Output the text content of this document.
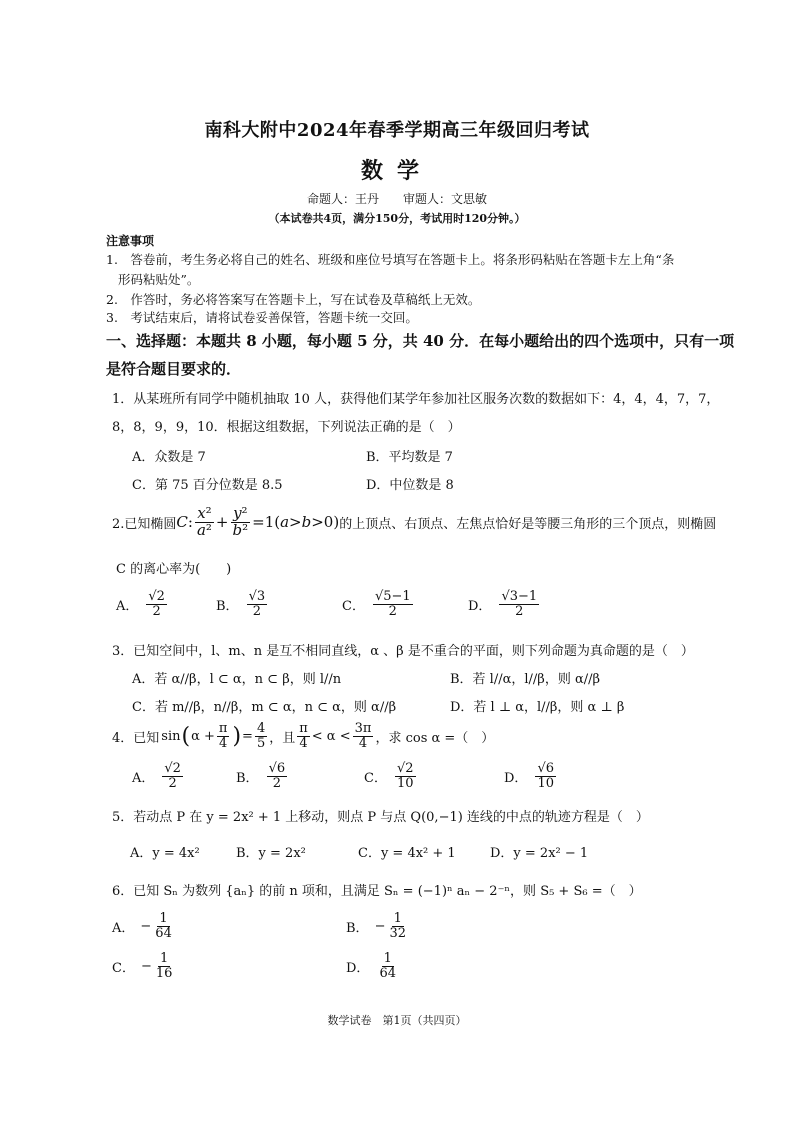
南科大附中2024年春季学期高三年级回归考试
数学
命题人：王丹　　审题人：文思敏
（本试卷共4页，满分150分，考试用时120分钟。）
注意事项
1.　答卷前，考生务必将自己的姓名、班级和座位号填写在答题卡上。将条形码粘贴在答题卡左上角“条
形码粘贴处”。
2.　作答时，务必将答案写在答题卡上，写在试卷及草稿纸上无效。
3.　考试结束后，请将试卷妥善保管，答题卡统一交回。
一、选择题：本题共 8 小题，每小题 5 分，共 40 分．在每小题给出的四个选项中，只有一项
是符合题目要求的．
1．从某班所有同学中随机抽取 10 人，获得他们某学年参加社区服务次数的数据如下：4，4，4，7，7，
8，8，9，9，10．根据这组数据，下列说法正确的是（　）
A．众数是 7	B．平均数是 7
C．第 75 百分位数是 8.5	D．中位数是 8
2.已知椭圆 C : $\frac{\text{x²}}{\text{a²}} + \frac{\text{y²}}{\text{b²}} =1$( a > b >0) 的上顶点、右顶点、左焦点恰好是等腰三角形的三个顶点，则椭圆
C 的离心率为(　　)
A． $\frac{√2}{2}$	B． $\frac{√3}{2}$	C． $\frac{√5-1}{2}$	D． $\frac{√3-1}{2}$
3．已知空间中，l、m、n 是互不相同直线，α 、β 是不重合的平面，则下列命题为真命题的是（　）
A．若 α//β，l ⊂ α，n ⊂ β，则 l//n	B．若 l//α，l//β，则 α//β
C．若 m//β，n//β，m ⊂ α，n ⊂ α，则 α//β	D．若 l ⊥ α，l//β，则 α ⊥ β
4．已知 sin ( $\alpha + \frac{\pi}{4}$ ) = $\frac{4}{5}$ ，且 $\frac{\pi}{4} < \alpha < \frac{3\pi}{4}$ ，求 cos α =（　）
A． $\frac{√2}{2}$	B． $\frac{√6}{2}$	C． $\frac{√2}{10}$	D． $\frac{√6}{10}$
5．若动点 P 在 y = 2x² + 1 上移动，则点 P 与点 Q(0,−1) 连线的中点的轨迹方程是（　）
A．y = 4x²	B．y = 2x²	C．y = 4x² + 1	D．y = 2x² − 1
6．已知 Sₙ 为数列 {aₙ} 的前 n 项和，且满足 Sₙ = (−1)ⁿ aₙ − 2⁻ⁿ，则 S₅ + S₆ =（　）
A． − $\frac{1}{64}$	B． − $\frac{1}{32}$
C． − $\frac{1}{16}$	D． $\frac{1}{64}$
数学试卷　第1页（共四页）
